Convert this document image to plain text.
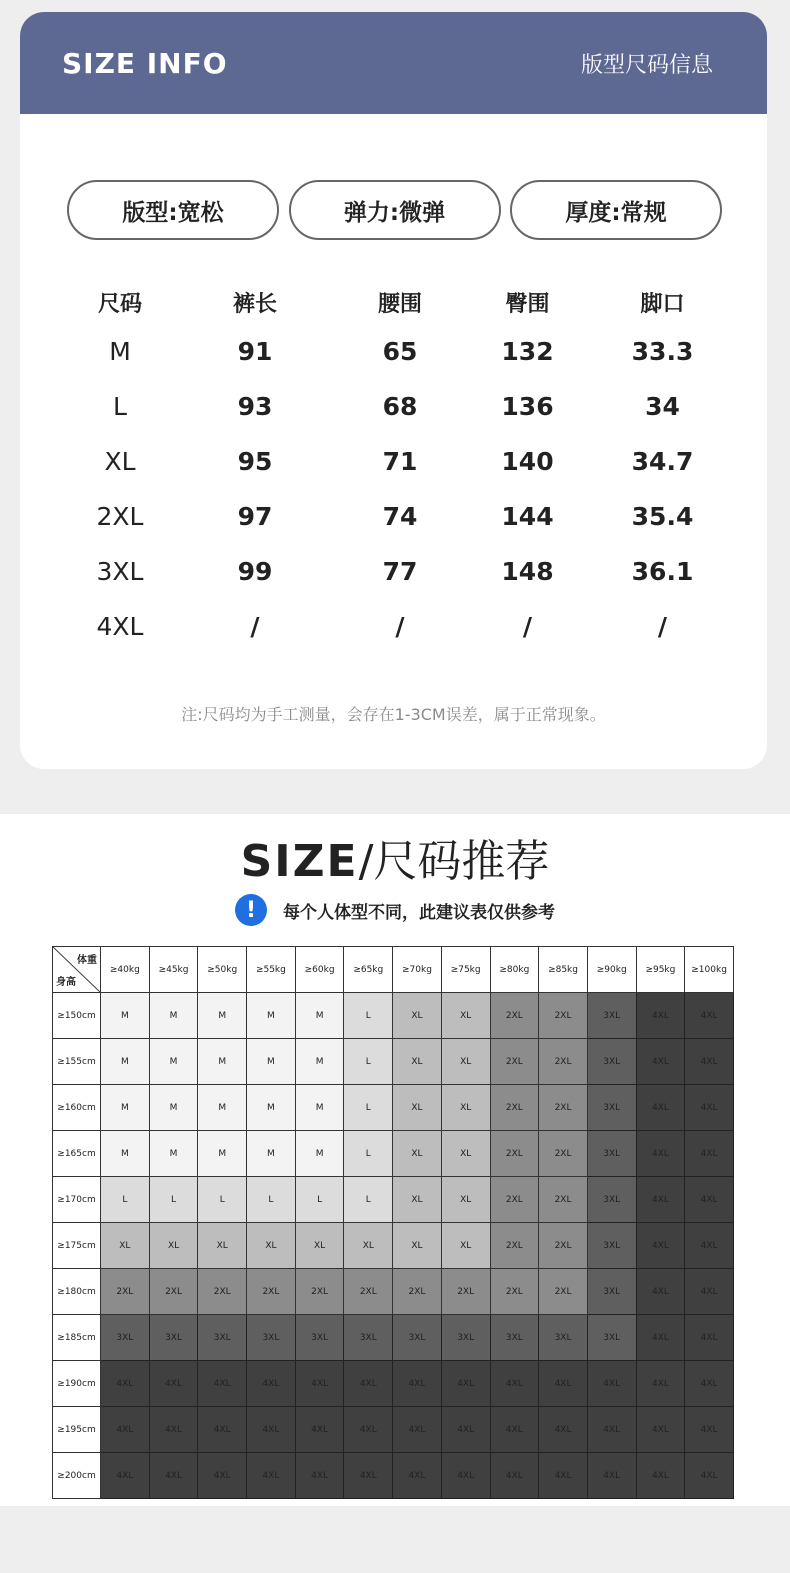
SIZE INFO	版型尺码信息
版型:宽松	弹力:微弹	厚度:常规
尺码	裤长	腰围	臀围	脚口
M	91	65	132	33.3
L	93	68	136	34
XL	95	71	140	34.7
2XL	97	74	144	35.4
3XL	99	77	148	36.1
4XL	/	/	/	/
注:尺码均为手工测量，会存在1-3CM误差，属于正常现象。
SIZE/尺码推荐
!	每个人体型不同，此建议表仅供参考
体重
身高	≥40kg	≥45kg	≥50kg	≥55kg	≥60kg	≥65kg	≥70kg	≥75kg	≥80kg	≥85kg	≥90kg	≥95kg	≥100kg
≥150cm	M	M	M	M	M	L	XL	XL	2XL	2XL	3XL	4XL	4XL
≥155cm	M	M	M	M	M	L	XL	XL	2XL	2XL	3XL	4XL	4XL
≥160cm	M	M	M	M	M	L	XL	XL	2XL	2XL	3XL	4XL	4XL
≥165cm	M	M	M	M	M	L	XL	XL	2XL	2XL	3XL	4XL	4XL
≥170cm	L	L	L	L	L	L	XL	XL	2XL	2XL	3XL	4XL	4XL
≥175cm	XL	XL	XL	XL	XL	XL	XL	XL	2XL	2XL	3XL	4XL	4XL
≥180cm	2XL	2XL	2XL	2XL	2XL	2XL	2XL	2XL	2XL	2XL	3XL	4XL	4XL
≥185cm	3XL	3XL	3XL	3XL	3XL	3XL	3XL	3XL	3XL	3XL	3XL	4XL	4XL
≥190cm	4XL	4XL	4XL	4XL	4XL	4XL	4XL	4XL	4XL	4XL	4XL	4XL	4XL
≥195cm	4XL	4XL	4XL	4XL	4XL	4XL	4XL	4XL	4XL	4XL	4XL	4XL	4XL
≥200cm	4XL	4XL	4XL	4XL	4XL	4XL	4XL	4XL	4XL	4XL	4XL	4XL	4XL
